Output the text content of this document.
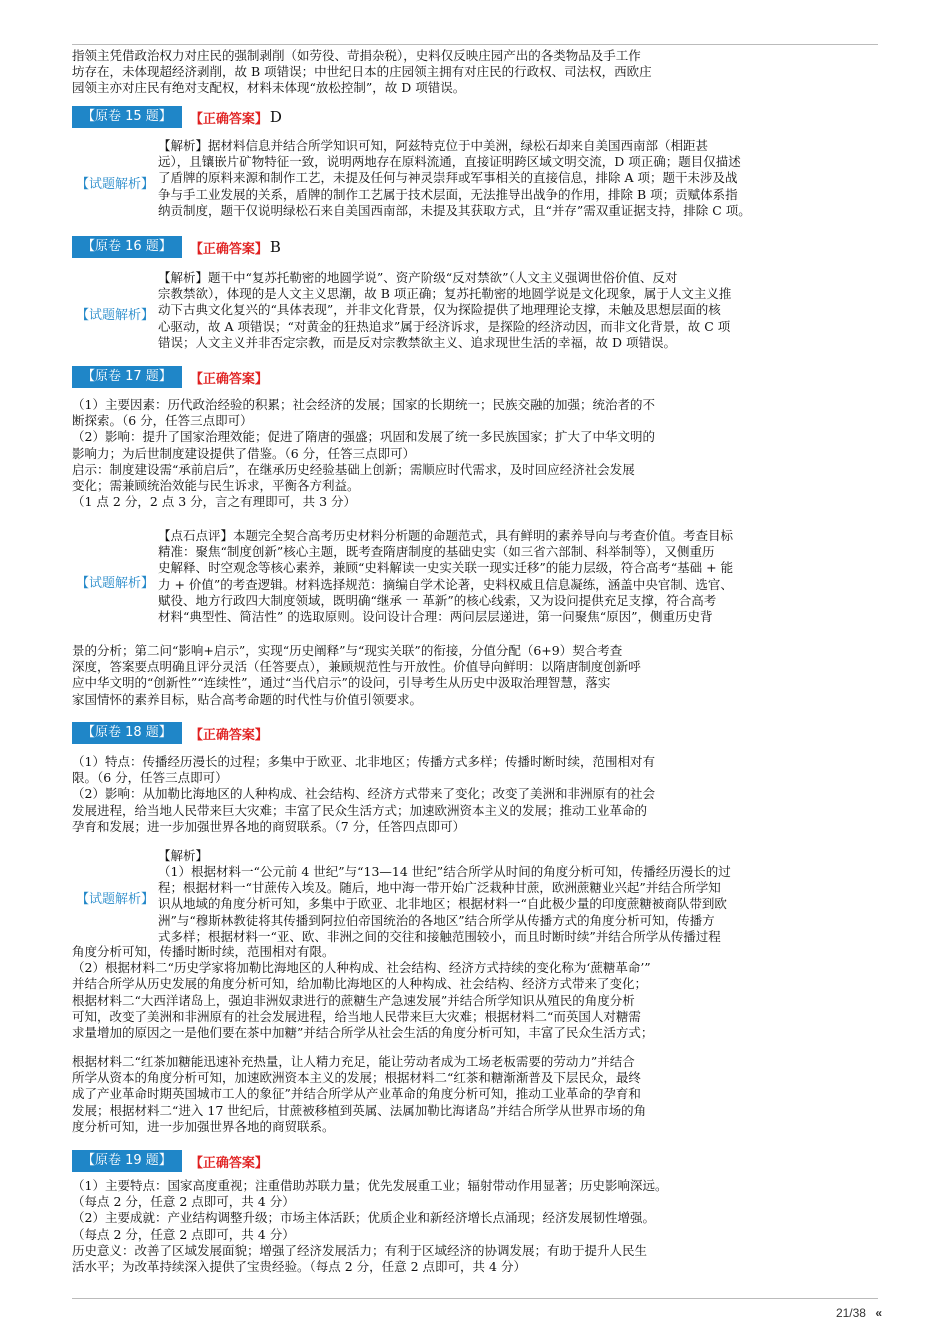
指领主凭借政治权力对庄民的强制剥削（如劳役、苛捐杂税），史料仅反映庄园产出的各类物品及手工作
坊存在，未体现超经济剥削，故 B 项错误；中世纪日本的庄园领主拥有对庄民的行政权、司法权，西欧庄
园领主亦对庄民有绝对支配权，材料未体现“放松控制”，故 D 项错误。
【原卷 15 题】	【正确答案】 D
【试题解析】
【解析】据材料信息并结合所学知识可知，阿兹特克位于中美洲，绿松石却来自美国西南部（相距甚
远），且镶嵌片矿物特征一致，说明两地存在原料流通，直接证明跨区域文明交流，D 项正确；题目仅描述
了盾牌的原料来源和制作工艺，未提及任何与神灵崇拜或军事相关的直接信息，排除 A 项；题干未涉及战
争与手工业发展的关系，盾牌的制作工艺属于技术层面，无法推导出战争的作用，排除 B 项；贡赋体系指
纳贡制度，题干仅说明绿松石来自美国西南部，未提及其获取方式，且“并存”需双重证据支持，排除 C 项。
【原卷 16 题】	【正确答案】 B
【试题解析】
【解析】题干中“复苏托勒密的地圆学说”、资产阶级“反对禁欲”（人文主义强调世俗价值、反对
宗教禁欲），体现的是人文主义思潮，故 B 项正确；复苏托勒密的地圆学说是文化现象，属于人文主义推
动下古典文化复兴的“具体表现”，并非文化背景，仅为探险提供了地理理论支撑，未触及思想层面的核
心驱动，故 A 项错误；“对黄金的狂热追求”属于经济诉求，是探险的经济动因，而非文化背景，故 C 项
错误；人文主义并非否定宗教，而是反对宗教禁欲主义、追求现世生活的幸福，故 D 项错误。
【原卷 17 题】	【正确答案】
（1）主要因素：历代政治经验的积累；社会经济的发展；国家的长期统一；民族交融的加强；统治者的不
断探索。（6 分，任答三点即可）
（2）影响：提升了国家治理效能；促进了隋唐的强盛；巩固和发展了统一多民族国家；扩大了中华文明的
影响力；为后世制度建设提供了借鉴。（6 分，任答三点即可）
启示：制度建设需“承前启后”，在继承历史经验基础上创新；需顺应时代需求，及时回应经济社会发展
变化；需兼顾统治效能与民生诉求，平衡各方利益。
（1 点 2 分，2 点 3 分，言之有理即可，共 3 分）
【试题解析】
【点石点评】本题完全契合高考历史材料分析题的命题范式，具有鲜明的素养导向与考查价值。考查目标
精准：聚焦“制度创新”核心主题，既考查隋唐制度的基础史实（如三省六部制、科举制等），又侧重历
史解释、时空观念等核心素养，兼顾“史料解读一史实关联一现实迁移”的能力层级，符合高考“基础 + 能
力 + 价值”的考查逻辑。材料选择规范：摘编自学术论著，史料权威且信息凝练，涵盖中央官制、选官、
赋役、地方行政四大制度领域，既明确“继承 一 革新”的核心线索，又为设问提供充足支撑，符合高考
材料“典型性、简洁性” 的选取原则。设问设计合理：两问层层递进，第一问聚焦“原因”，侧重历史背
景的分析；第二问“影响+启示”，实现“历史阐释”与“现实关联”的衔接，分值分配（6+9）契合考查
深度，答案要点明确且评分灵活（任答要点），兼顾规范性与开放性。价值导向鲜明：以隋唐制度创新呼
应中华文明的“创新性”“连续性”，通过“当代启示”的设问，引导考生从历史中汲取治理智慧，落实
家国情怀的素养目标，贴合高考命题的时代性与价值引领要求。
【原卷 18 题】	【正确答案】
（1）特点：传播经历漫长的过程；多集中于欧亚、北非地区；传播方式多样；传播时断时续，范围相对有
限。（6 分，任答三点即可）
（2）影响：从加勒比海地区的人种构成、社会结构、经济方式带来了变化；改变了美洲和非洲原有的社会
发展进程，给当地人民带来巨大灾难；丰富了民众生活方式；加速欧洲资本主义的发展；推动工业革命的
孕育和发展；进一步加强世界各地的商贸联系。（7 分，任答四点即可）
【解析】
【试题解析】
（1）根据材料一“公元前 4 世纪”与“13—14 世纪”结合所学从时间的角度分析可知，传播经历漫长的过
程；根据材料一“甘蔗传入埃及。随后，地中海一带开始广泛栽种甘蔗，欧洲蔗糖业兴起”并结合所学知
识从地域的角度分析可知，多集中于欧亚、北非地区；根据材料一“自此极少量的印度蔗糖被商队带到欧
洲”与“穆斯林教徒将其传播到阿拉伯帝国统治的各地区”结合所学从传播方式的角度分析可知，传播方
式多样；根据材料一“亚、欧、非洲之间的交往和接触范围较小，而且时断时续”并结合所学从传播过程
角度分析可知，传播时断时续，范围相对有限。
（2）根据材料二“历史学家将加勒比海地区的人种构成、社会结构、经济方式持续的变化称为‘蔗糖革命’”
并结合所学从历史发展的角度分析可知，给加勒比海地区的人种构成、社会结构、经济方式带来了变化；
根据材料二“大西洋诸岛上，强迫非洲奴隶进行的蔗糖生产急速发展”并结合所学知识从殖民的角度分析
可知，改变了美洲和非洲原有的社会发展进程，给当地人民带来巨大灾难；根据材料二“而英国人对糖需
求量增加的原因之一是他们要在茶中加糖”并结合所学从社会生活的角度分析可知，丰富了民众生活方式；
根据材料二“红茶加糖能迅速补充热量，让人精力充足，能让劳动者成为工场老板需要的劳动力”并结合
所学从资本的角度分析可知，加速欧洲资本主义的发展；根据材料二“红茶和糖渐渐普及下层民众，最终
成了产业革命时期英国城市工人的象征”并结合所学从产业革命的角度分析可知，推动工业革命的孕育和
发展；根据材料二“进入 17 世纪后，甘蔗被移植到英属、法属加勒比海诸岛”并结合所学从世界市场的角
度分析可知，进一步加强世界各地的商贸联系。
【原卷 19 题】	【正确答案】
（1）主要特点：国家高度重视；注重借助苏联力量；优先发展重工业；辐射带动作用显著；历史影响深远。
（每点 2 分，任意 2 点即可，共 4 分）
（2）主要成就：产业结构调整升级；市场主体活跃；优质企业和新经济增长点涌现；经济发展韧性增强。
（每点 2 分，任意 2 点即可，共 4 分）
历史意义：改善了区域发展面貌；增强了经济发展活力；有利于区域经济的协调发展；有助于提升人民生
活水平；为改革持续深入提供了宝贵经验。（每点 2 分，任意 2 点即可，共 4 分）
21/38 «
